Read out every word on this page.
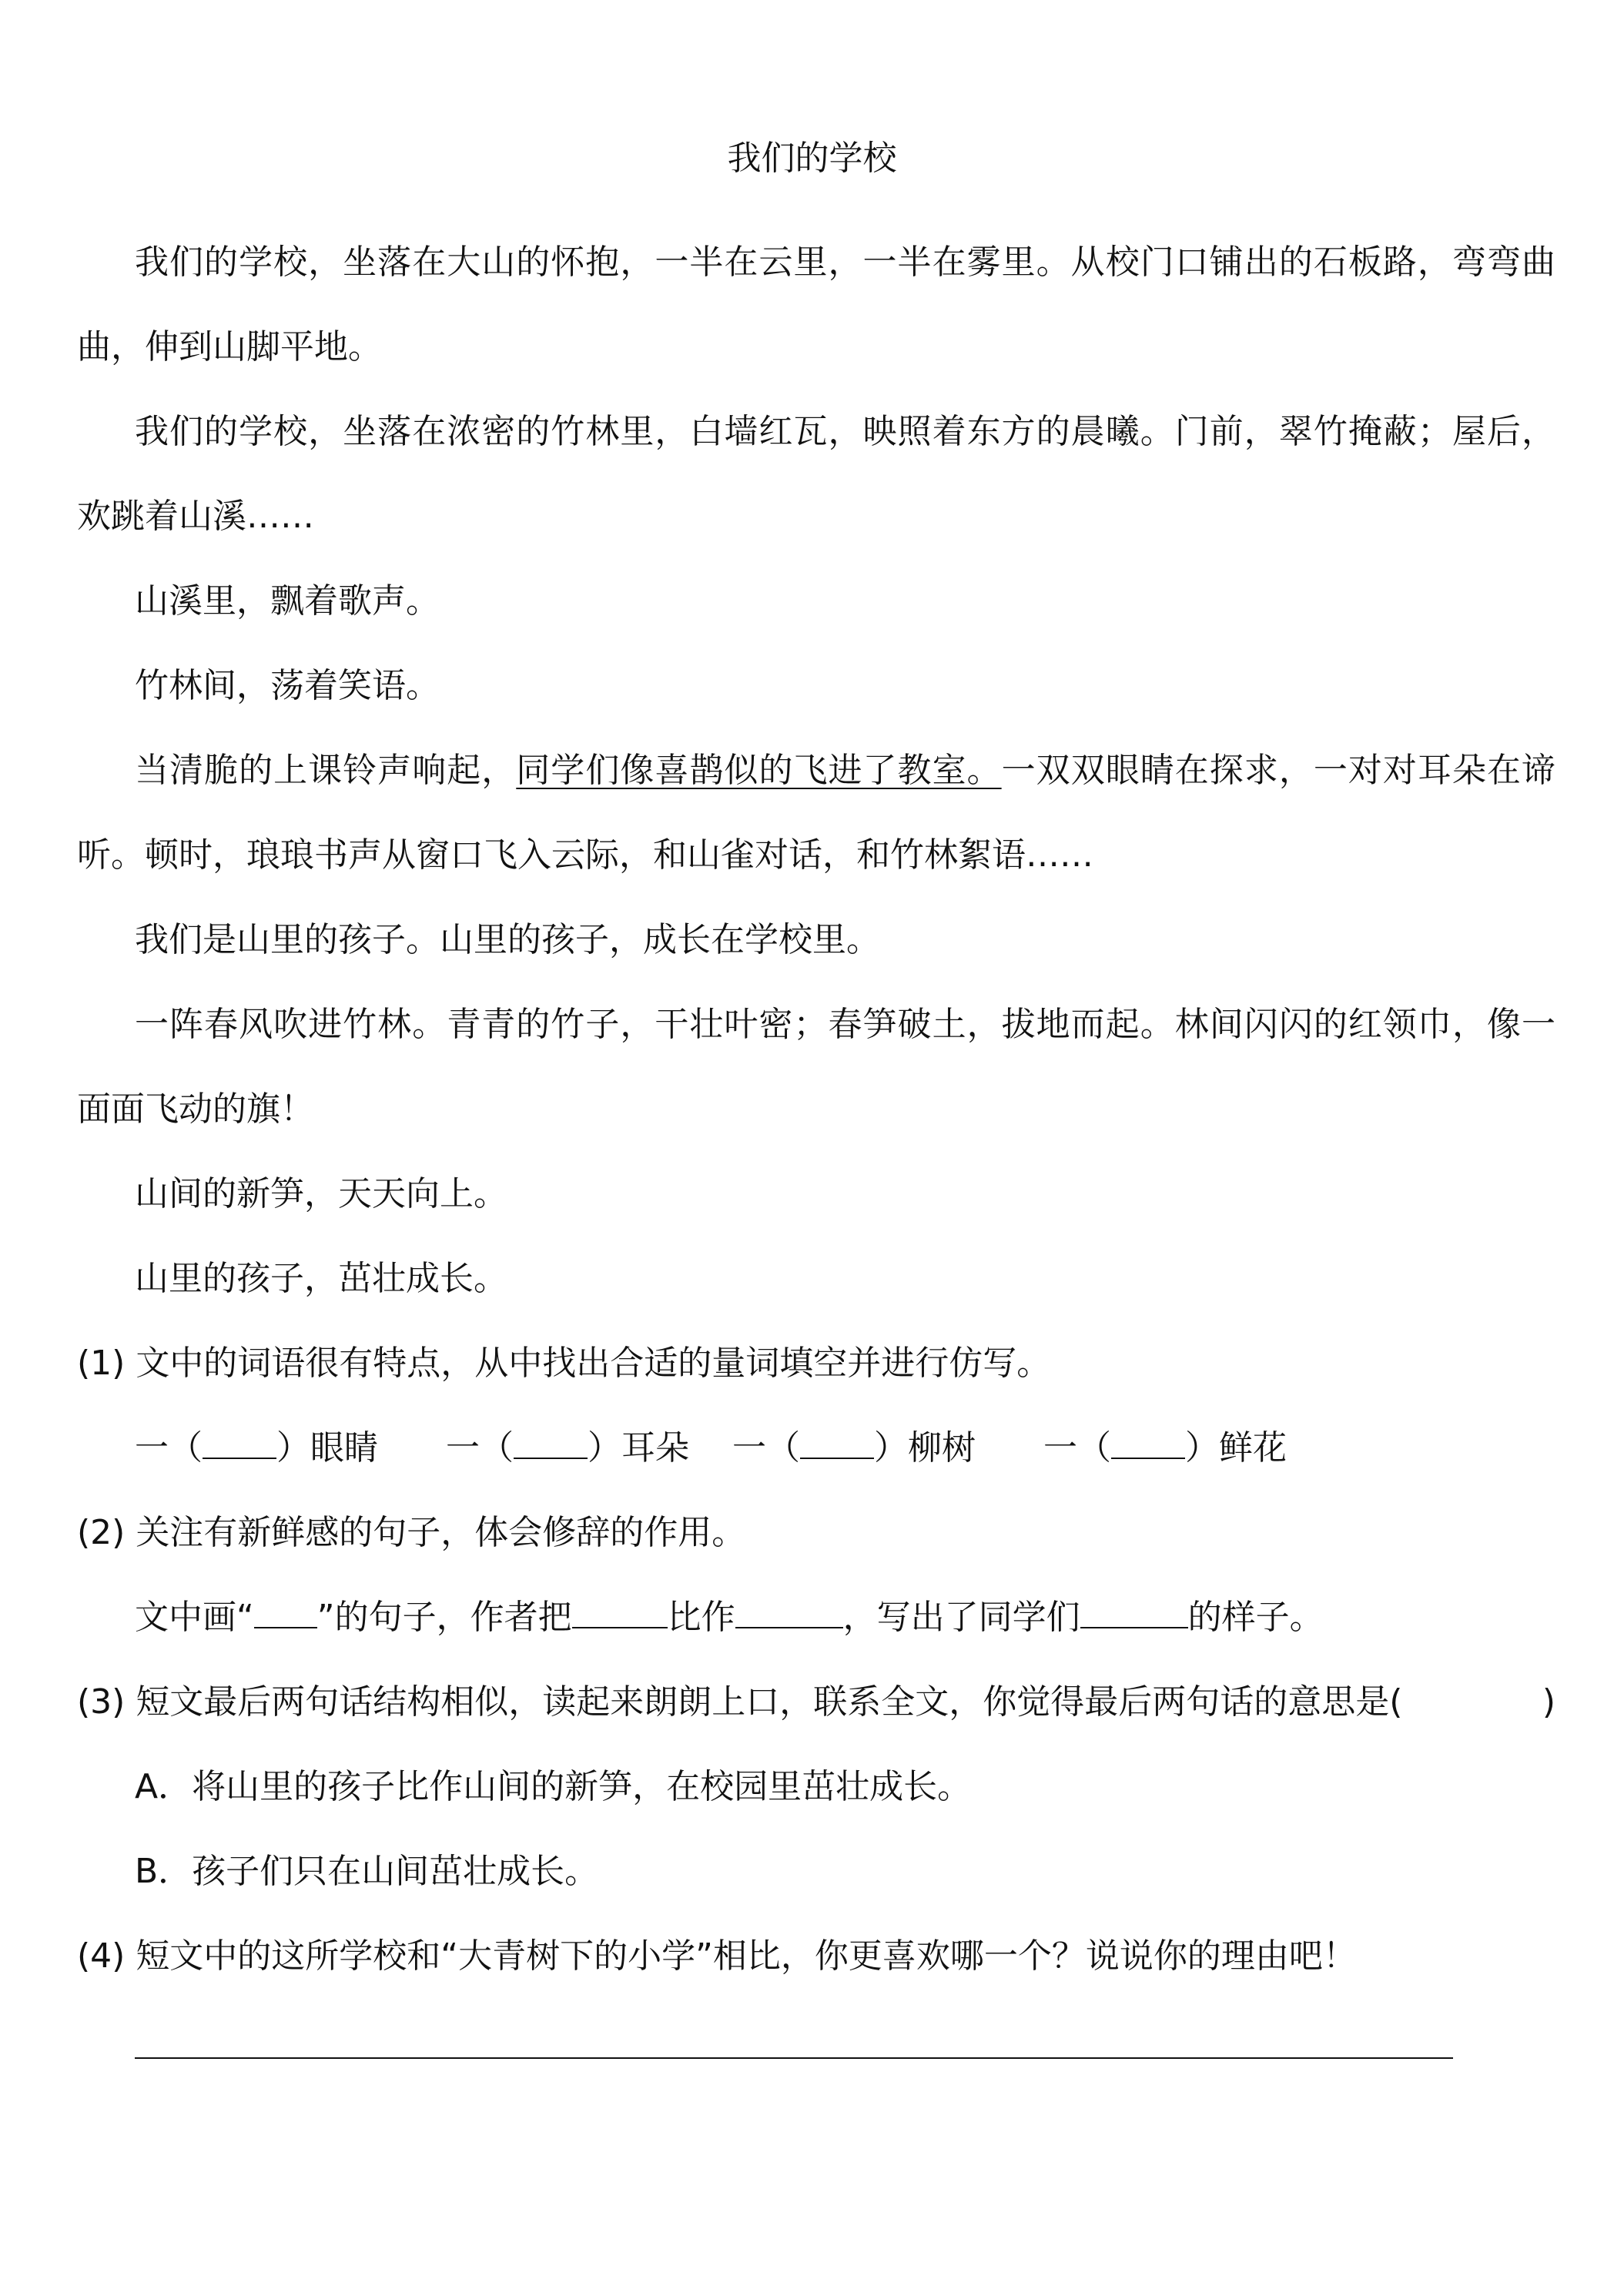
我们的学校

我们的学校，坐落在大山的怀抱，一半在云里，一半在雾里。从校门口铺出的石板路，弯弯曲曲，伸到山脚平地。

我们的学校，坐落在浓密的竹林里，白墙红瓦，映照着东方的晨曦。门前，翠竹掩蔽；屋后，欢跳着山溪……

山溪里，飘着歌声。

竹林间，荡着笑语。

当清脆的上课铃声响起，同学们像喜鹊似的飞进了教室。一双双眼睛在探求，一对对耳朵在谛听。顿时，琅琅书声从窗口飞入云际，和山雀对话，和竹林絮语……

我们是山里的孩子。山里的孩子，成长在学校里。

一阵春风吹进竹林。青青的竹子，干壮叶密；春笋破土，拔地而起。林间闪闪的红领巾，像一面面飞动的旗！

山间的新笋，天天向上。

山里的孩子，茁壮成长。

(1) 文中的词语很有特点，从中找出合适的量词填空并进行仿写。

一（ ）眼睛 一（ ）耳朵 一（ ）柳树 一（ ）鲜花

(2) 关注有新鲜感的句子，体会修辞的作用。

文中画“ ”的句子，作者把	比作	，写出了同学们	的样子。

(3) 短文最后两句话结构相似，读起来朗朗上口，联系全文，你觉得最后两句话的意思是(	)

A．将山里的孩子比作山间的新笋，在校园里茁壮成长。

B．孩子们只在山间茁壮成长。

(4) 短文中的这所学校和“大青树下的小学”相比，你更喜欢哪一个？说说你的理由吧！
